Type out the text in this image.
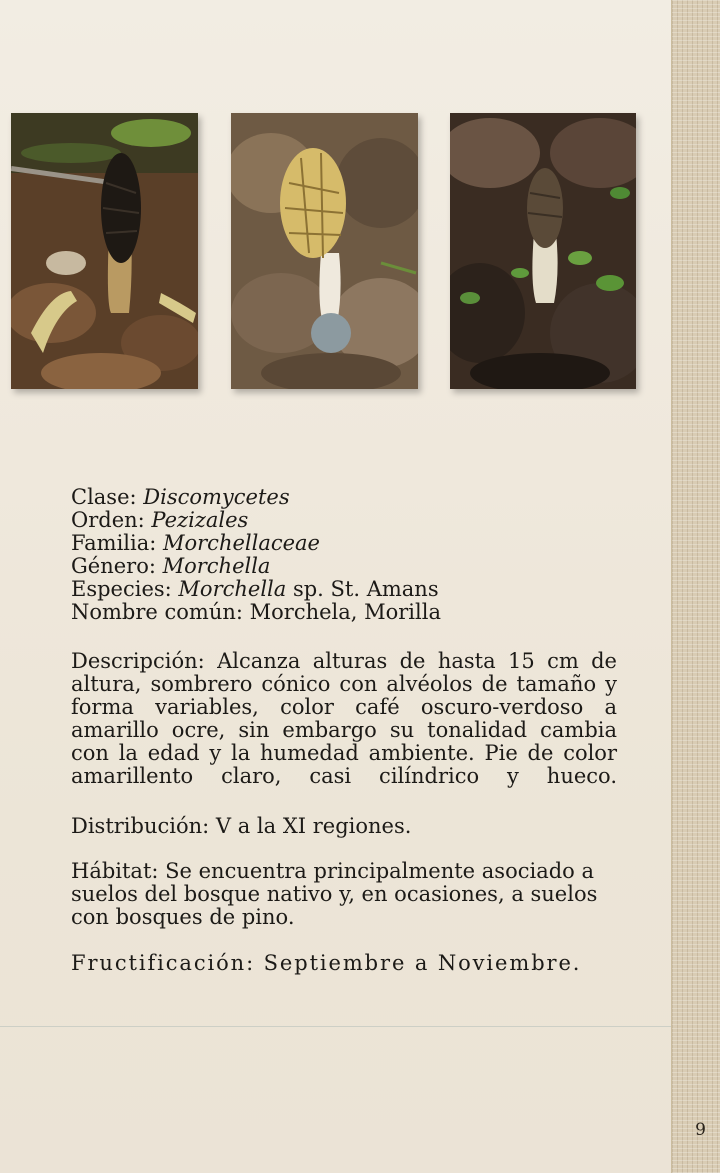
Clase: Discomycetes
Orden: Pezizales
Familia: Morchellaceae
Género: Morchella
Especies: Morchella sp. St. Amans
Nombre común: Morchela, Morilla
Descripción: Alcanza alturas de hasta 15 cm de altura, sombrero cónico con alvéolos de tamaño y forma variables, color café oscuro-verdoso a amarillo ocre, sin embargo su tonalidad cambia con la edad y la humedad ambiente. Pie de color amarillento claro, casi cilíndrico y hueco.
Distribución: V a la XI regiones.
Hábitat: Se encuentra principalmente asociado a suelos del bosque nativo y, en ocasiones, a suelos con bosques de pino.
Fructificación: Septiembre a Noviembre.
9
